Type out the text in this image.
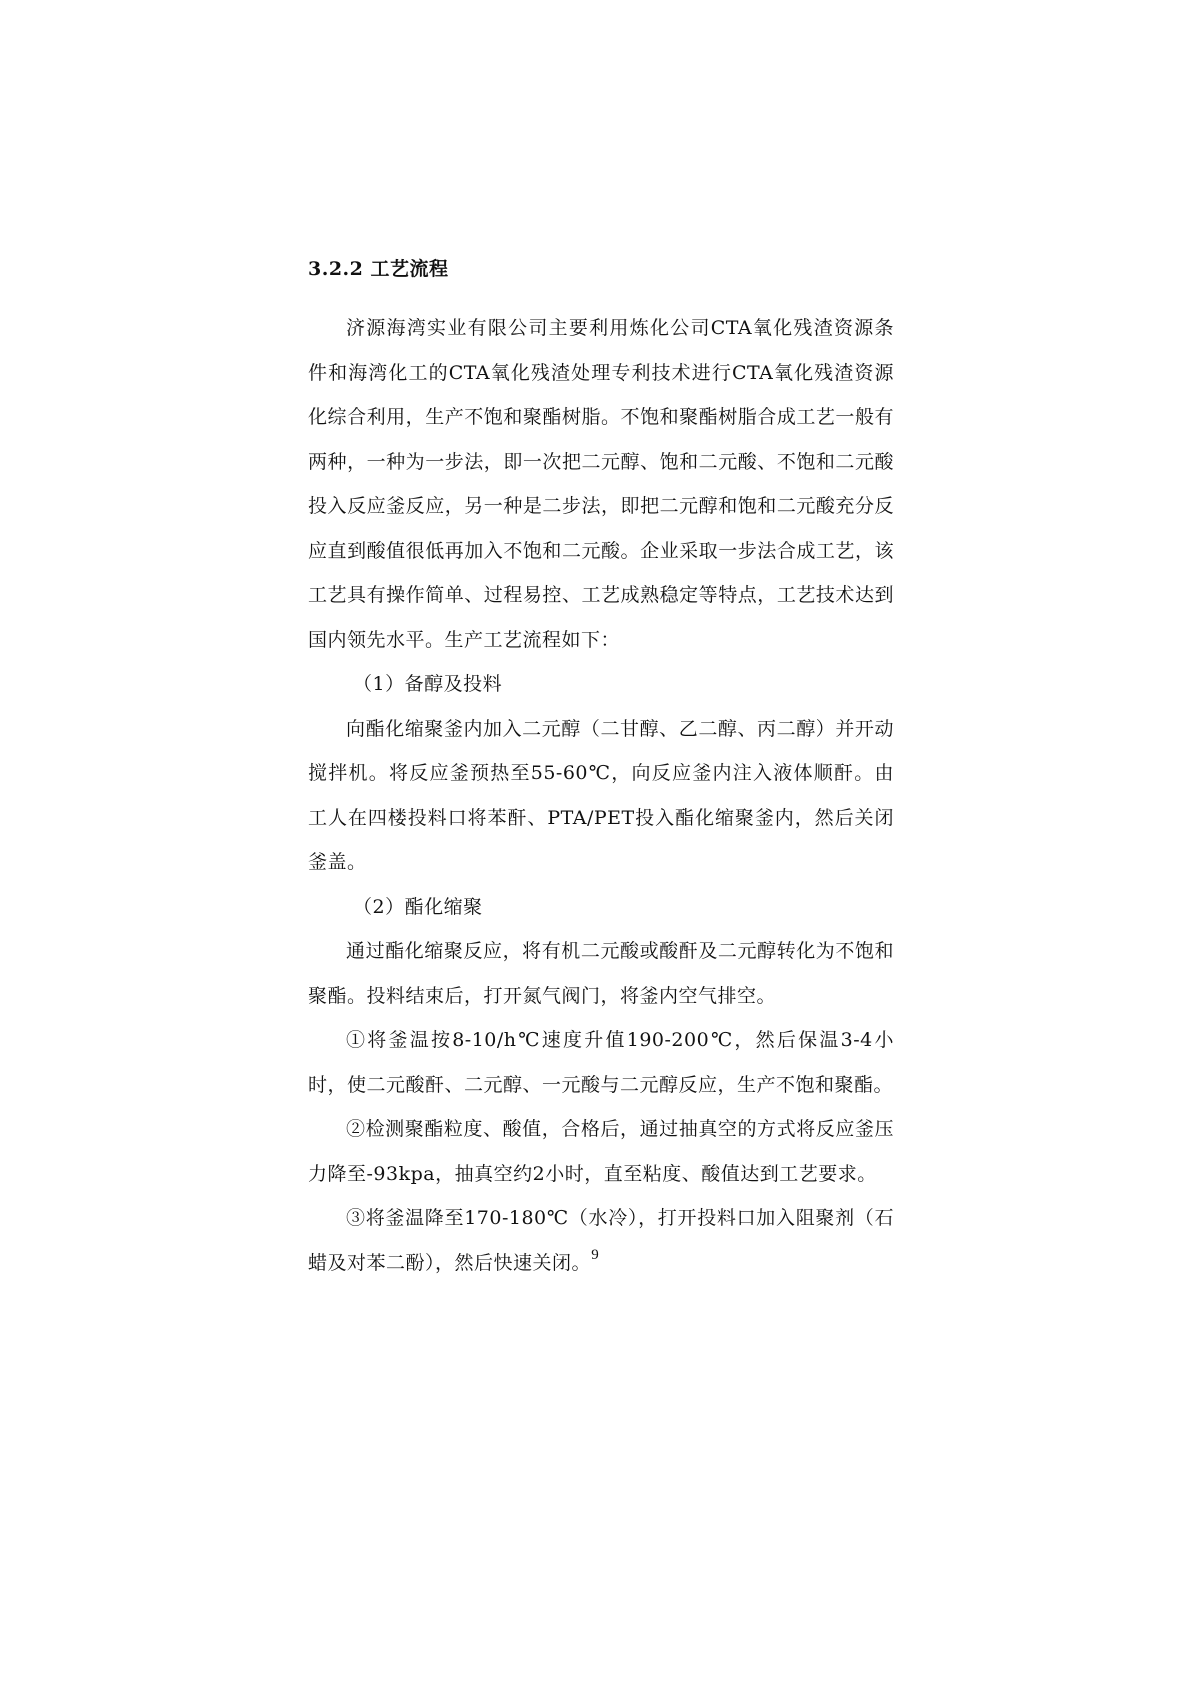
3.2.2 工艺流程

济源海湾实业有限公司主要利用炼化公司CTA氧化残渣资源条件和海湾化工的CTA氧化残渣处理专利技术进行CTA氧化残渣资源化综合利用，生产不饱和聚酯树脂。不饱和聚酯树脂合成工艺一般有两种，一种为一步法，即一次把二元醇、饱和二元酸、不饱和二元酸投入反应釜反应，另一种是二步法，即把二元醇和饱和二元酸充分反应直到酸值很低再加入不饱和二元酸。企业采取一步法合成工艺，该工艺具有操作简单、过程易控、工艺成熟稳定等特点，工艺技术达到国内领先水平。生产工艺流程如下：

（1）备醇及投料

向酯化缩聚釜内加入二元醇（二甘醇、乙二醇、丙二醇）并开动搅拌机。将反应釜预热至55-60℃，向反应釜内注入液体顺酐。由工人在四楼投料口将苯酐、PTA/PET投入酯化缩聚釜内，然后关闭釜盖。

（2）酯化缩聚

通过酯化缩聚反应，将有机二元酸或酸酐及二元醇转化为不饱和聚酯。投料结束后，打开氮气阀门，将釜内空气排空。

①将釜温按8-10/h℃速度升值190-200℃，然后保温3-4小时，使二元酸酐、二元醇、一元酸与二元醇反应，生产不饱和聚酯。

②检测聚酯粒度、酸值，合格后，通过抽真空的方式将反应釜压力降至-93kpa，抽真空约2小时，直至粘度、酸值达到工艺要求。

③将釜温降至170-180℃（水冷），打开投料口加入阻聚剂（石蜡及对苯二酚），然后快速关闭。 9
